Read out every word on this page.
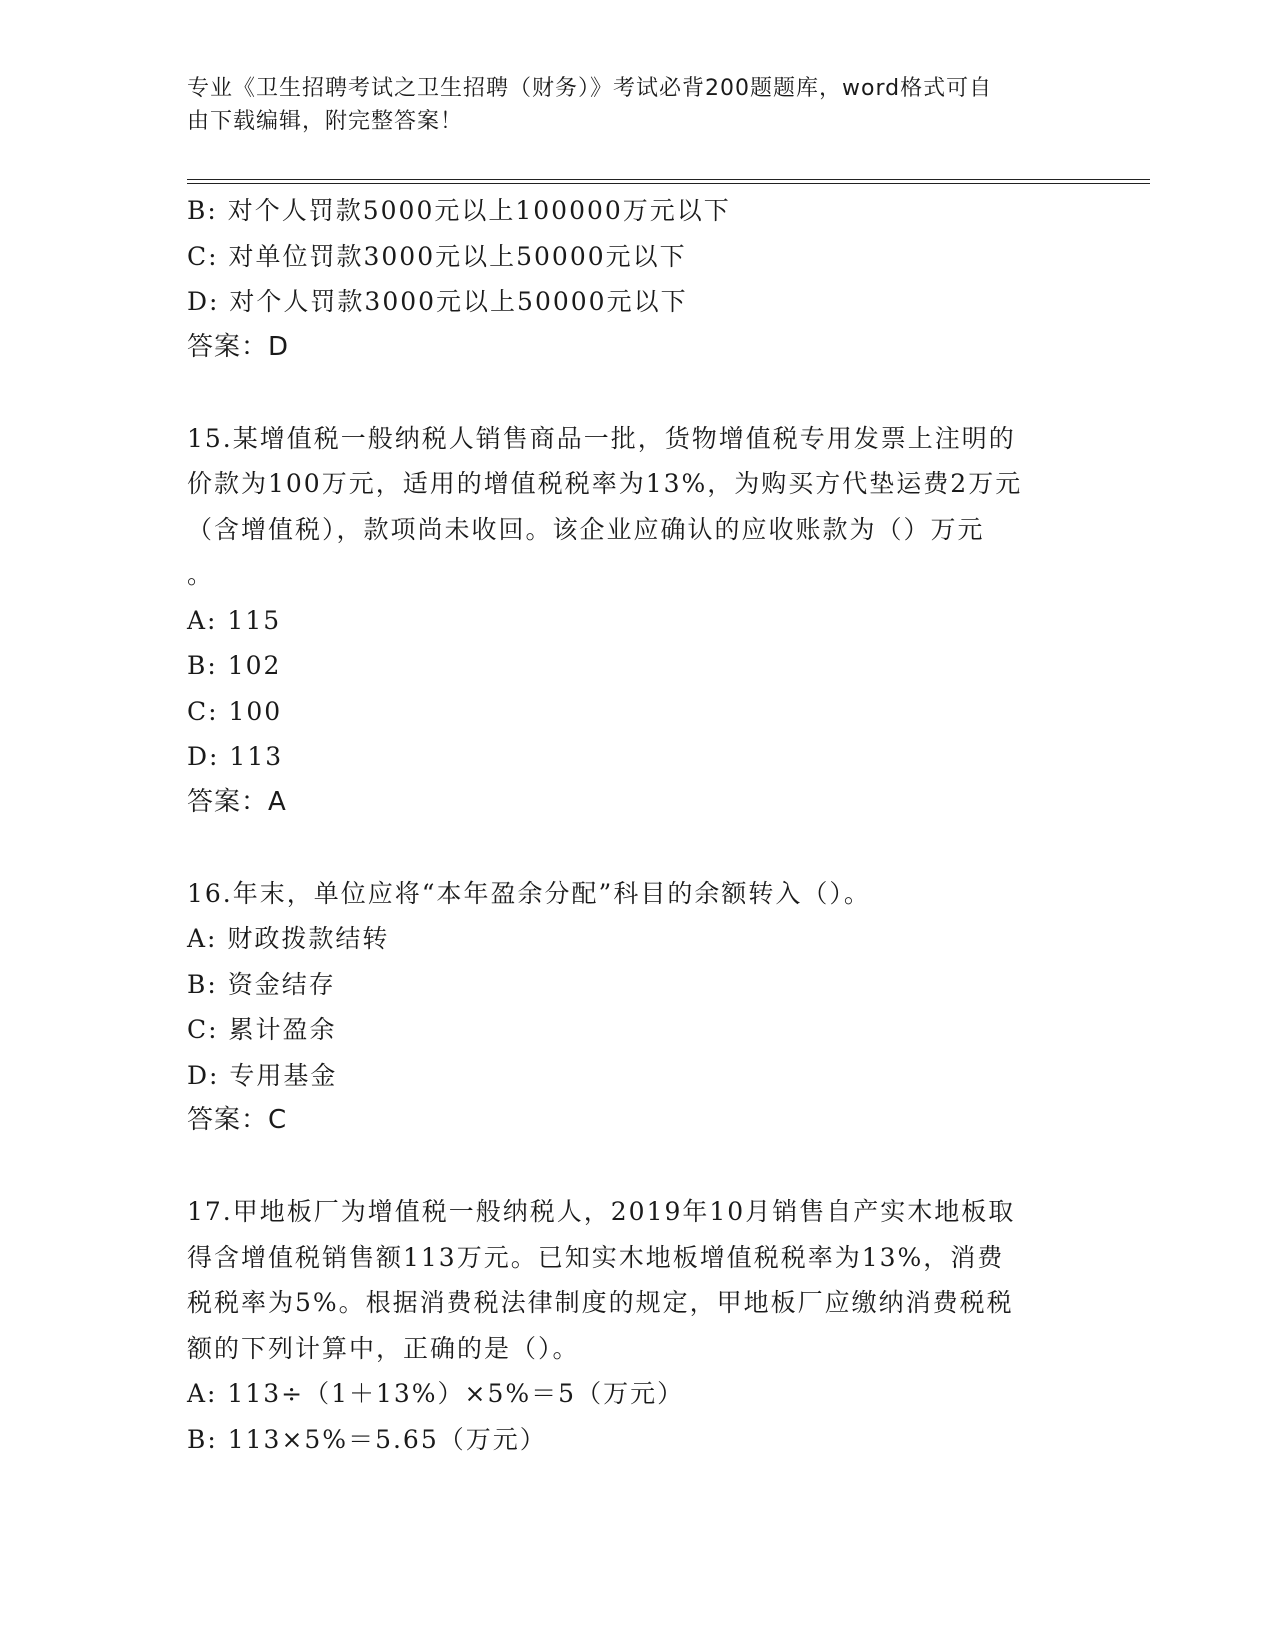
专业《卫生招聘考试之卫生招聘（财务）》考试必背200题题库，word格式可自
由下载编辑，附完整答案！
B: 对个人罚款5000元以上100000万元以下
C: 对单位罚款3000元以上50000元以下
D: 对个人罚款3000元以上50000元以下
答案：D
15.某增值税一般纳税人销售商品一批，货物增值税专用发票上注明的
价款为100万元，适用的增值税税率为13%，为购买方代垫运费2万元
（含增值税），款项尚未收回。该企业应确认的应收账款为（）万元
。
A: 115
B: 102
C: 100
D: 113
答案：A
16.年末，单位应将“本年盈余分配”科目的余额转入（）。
A: 财政拨款结转
B: 资金结存
C: 累计盈余
D: 专用基金
答案：C
17.甲地板厂为增值税一般纳税人，2019年10月销售自产实木地板取
得含增值税销售额113万元。已知实木地板增值税税率为13%，消费
税税率为5%。根据消费税法律制度的规定，甲地板厂应缴纳消费税税
额的下列计算中，正确的是（）。
A: 113÷（1＋13%）×5%＝5（万元）
B: 113×5%＝5.65（万元）
